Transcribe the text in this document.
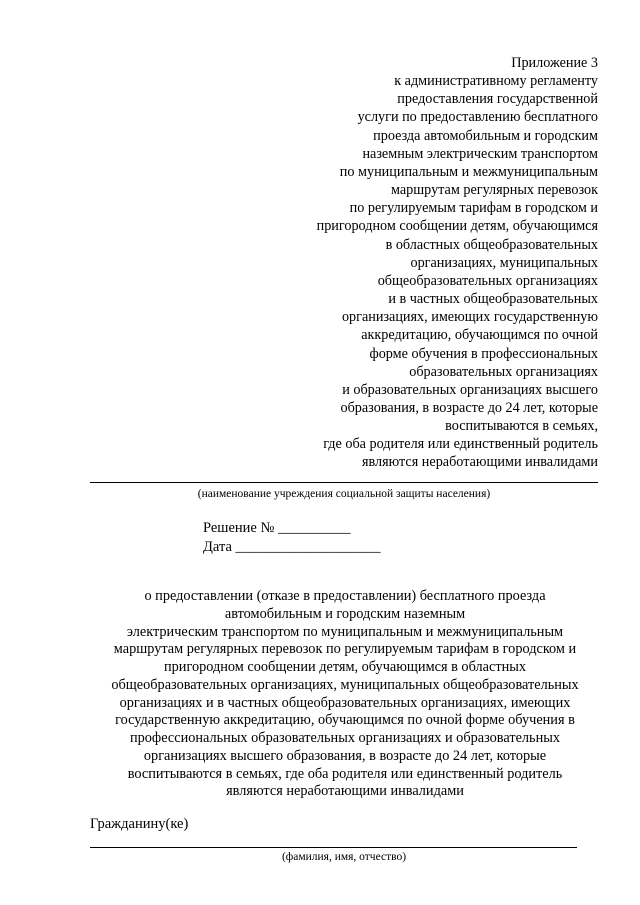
Приложение 3
к административному регламенту
предоставления государственной
услуги по предоставлению бесплатного
проезда автомобильным и городским
наземным электрическим транспортом
по муниципальным и межмуниципальным
маршрутам регулярных перевозок
по регулируемым тарифам в городском и
пригородном сообщении детям, обучающимся
в областных общеобразовательных
организациях, муниципальных
общеобразовательных организациях
и в частных общеобразовательных
организациях, имеющих государственную
аккредитацию, обучающимся по очной
форме обучения в профессиональных
образовательных организациях
и образовательных организациях высшего
образования, в возрасте до 24 лет, которые
воспитываются в семьях,
где оба родителя или единственный родитель
являются неработающими инвалидами
(наименование учреждения социальной защиты населения)
Решение № __________
Дата ____________________
о предоставлении (отказе в предоставлении) бесплатного проезда
автомобильным и городским наземным
электрическим транспортом по муниципальным и межмуниципальным
маршрутам регулярных перевозок по регулируемым тарифам в городском и
пригородном сообщении детям, обучающимся в областных
общеобразовательных организациях, муниципальных общеобразовательных
организациях и в частных общеобразовательных организациях, имеющих
государственную аккредитацию, обучающимся по очной форме обучения в
профессиональных образовательных организациях и образовательных
организациях высшего образования, в возрасте до 24 лет, которые
воспитываются в семьях, где оба родителя или единственный родитель
являются неработающими инвалидами
Гражданину(ке)
(фамилия, имя, отчество)
